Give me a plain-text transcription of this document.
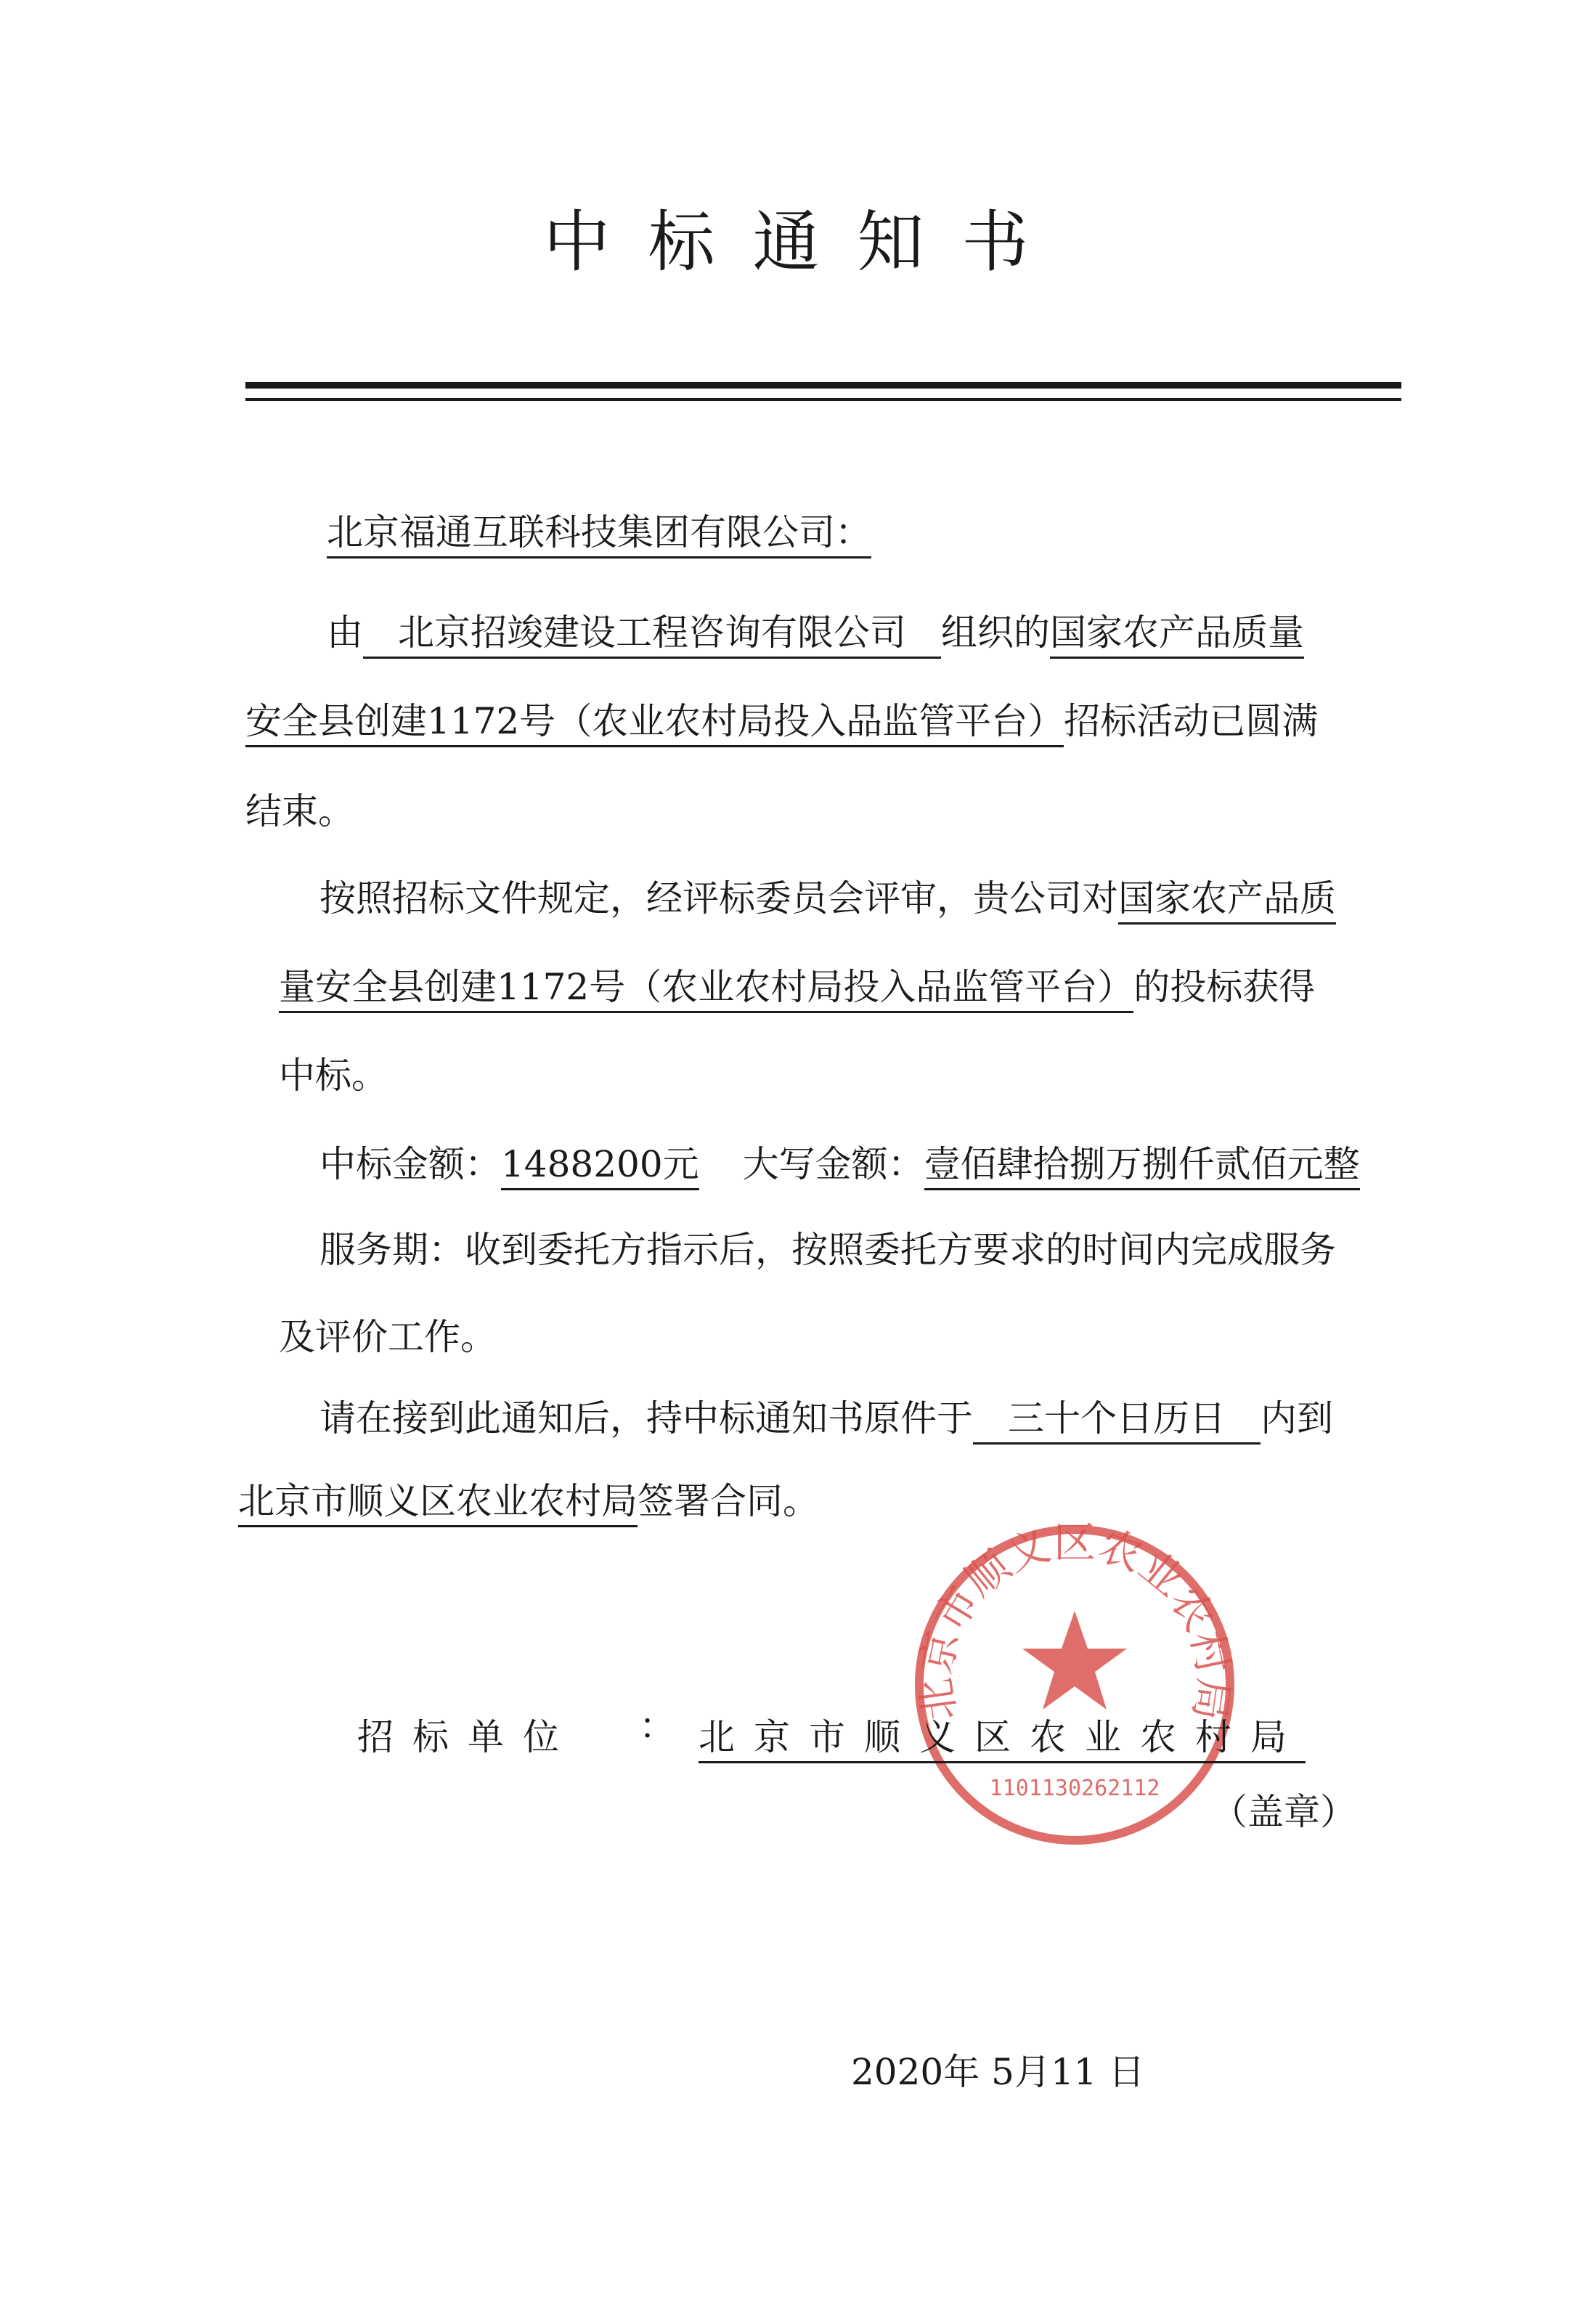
中标通知书
北京福通互联科技集团有限公司：
由 北京招竣建设工程咨询有限公司 组织的国家农产品质量
安全县创建1172号（农业农村局投入品监管平台）招标活动已圆满
结束。
按照招标文件规定，经评标委员会评审，贵公司对国家农产品质
量安全县创建1172号（农业农村局投入品监管平台）的投标获得
中标。
中标金额：1488200元 大写金额：壹佰肆拾捌万捌仟贰佰元整
服务期：收到委托方指示后，按照委托方要求的时间内完成服务
及评价工作。
请在接到此通知后，持中标通知书原件于 三十个日历日 内到
北京市顺义区农业农村局签署合同。
北京市顺义区农业农村局
1101130262112
招标单位 ： 北京市顺义区农业农村局
（盖章）
2020年 5月11 日
